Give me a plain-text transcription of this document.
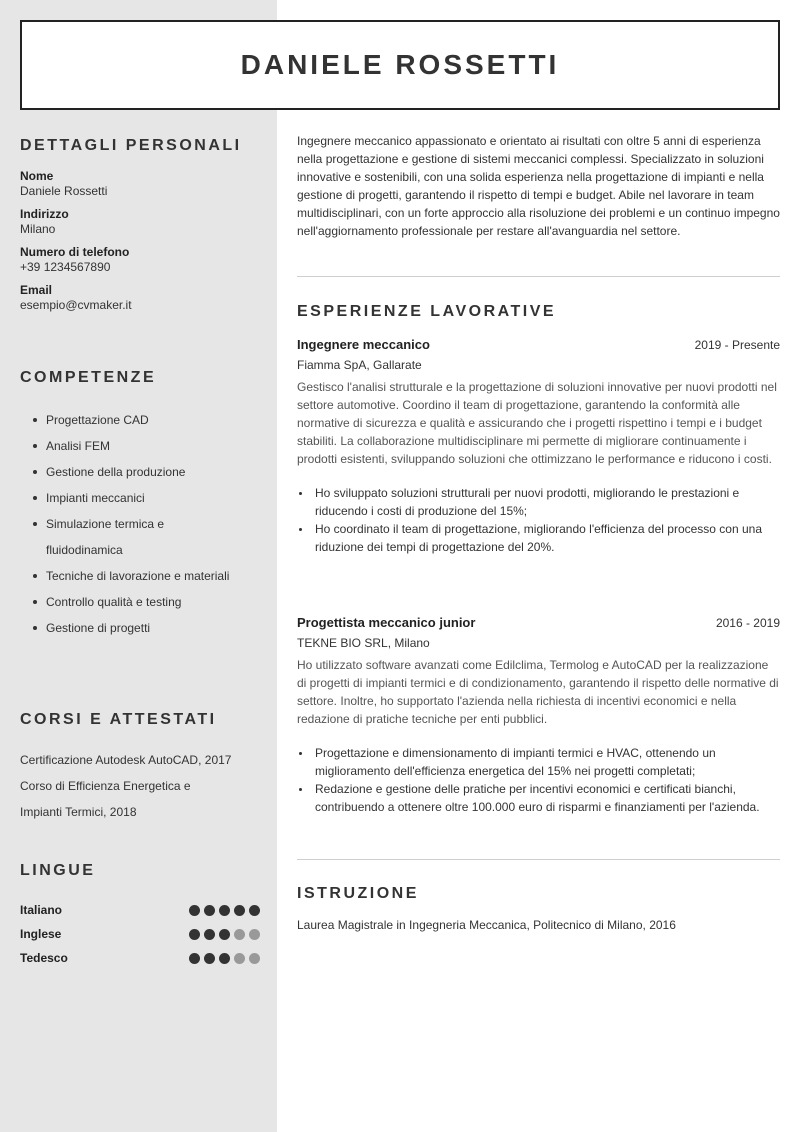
DANIELE ROSSETTI
DETTAGLI PERSONALI
Nome
Daniele Rossetti
Indirizzo
Milano
Numero di telefono
+39 1234567890
Email
esempio@cvmaker.it
COMPETENZE
Progettazione CAD
Analisi FEM
Gestione della produzione
Impianti meccanici
Simulazione termica e fluidodinamica
Tecniche di lavorazione e materiali
Controllo qualità e testing
Gestione di progetti
CORSI E ATTESTATI
Certificazione Autodesk AutoCAD, 2017
Corso di Efficienza Energetica e Impianti Termici, 2018
LINGUE
Italiano
Inglese
Tedesco

Ingegnere meccanico appassionato e orientato ai risultati con oltre 5 anni di esperienza nella progettazione e gestione di sistemi meccanici complessi. Specializzato in soluzioni innovative e sostenibili, con una solida esperienza nella progettazione di impianti e nella gestione di progetti, garantendo il rispetto di tempi e budget. Abile nel lavorare in team multidisciplinari, con un forte approccio alla risoluzione dei problemi e un continuo impegno nell'aggiornamento professionale per restare all'avanguardia nel settore.

ESPERIENZE LAVORATIVE
Ingegnere meccanico	2019 - Presente
Fiamma SpA, Gallarate

Gestisco l'analisi strutturale e la progettazione di soluzioni innovative per nuovi prodotti nel settore automotive. Coordino il team di progettazione, garantendo la conformità alle normative di sicurezza e qualità e assicurando che i progetti rispettino i tempi e i budget stabiliti. La collaborazione multidisciplinare mi permette di migliorare continuamente i prodotti esistenti, sviluppando soluzioni che ottimizzano le performance e riducono i costi.

Ho sviluppato soluzioni strutturali per nuovi prodotti, migliorando le prestazioni e riducendo i costi di produzione del 15%;
Ho coordinato il team di progettazione, migliorando l'efficienza del processo con una riduzione dei tempi di progettazione del 20%.
Progettista meccanico junior	2016 - 2019
TEKNE BIO SRL, Milano

Ho utilizzato software avanzati come Edilclima, Termolog e AutoCAD per la realizzazione di progetti di impianti termici e di condizionamento, garantendo il rispetto delle normative di settore. Inoltre, ho supportato l'azienda nella richiesta di incentivi economici e nella redazione di pratiche tecniche per enti pubblici.

Progettazione e dimensionamento di impianti termici e HVAC, ottenendo un miglioramento dell'efficienza energetica del 15% nei progetti completati;
Redazione e gestione delle pratiche per incentivi economici e certificati bianchi, contribuendo a ottenere oltre 100.000 euro di risparmi e finanziamenti per l'azienda.
ISTRUZIONE
Laurea Magistrale in Ingegneria Meccanica, Politecnico di Milano, 2016
